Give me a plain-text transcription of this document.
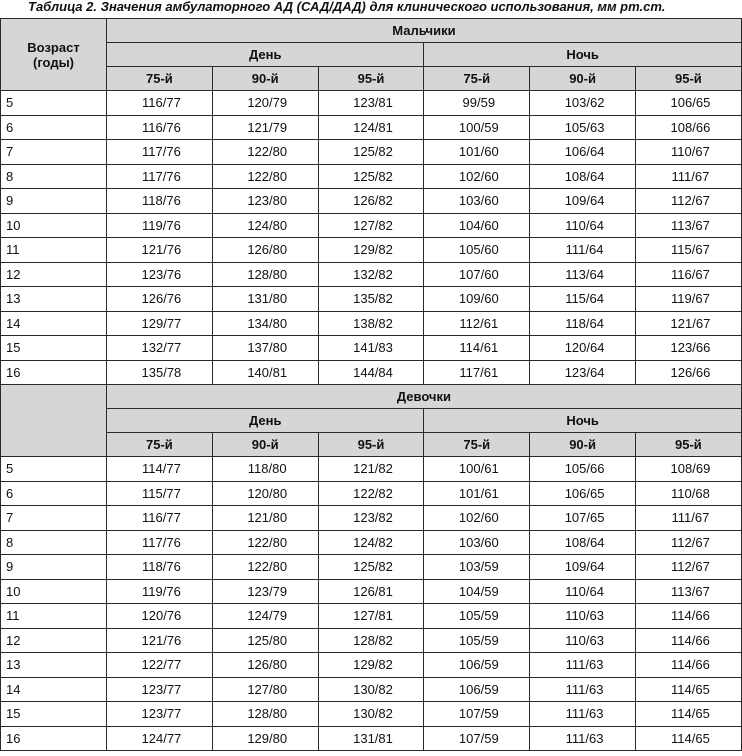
Таблица 2. Значения амбулаторного АД (САД/ДАД) для клинического использования, мм рт.ст.
Возраст
(годы)	Мальчики					
	День			Ночь		
	75-й	90-й	95-й	75-й	90-й	95-й
5	116/77	120/79	123/81	99/59	103/62	106/65
6	116/76	121/79	124/81	100/59	105/63	108/66
7	117/76	122/80	125/82	101/60	106/64	110/67
8	117/76	122/80	125/82	102/60	108/64	111/67
9	118/76	123/80	126/82	103/60	109/64	112/67
10	119/76	124/80	127/82	104/60	110/64	113/67
11	121/76	126/80	129/82	105/60	111/64	115/67
12	123/76	128/80	132/82	107/60	113/64	116/67
13	126/76	131/80	135/82	109/60	115/64	119/67
14	129/77	134/80	138/82	112/61	118/64	121/67
15	132/77	137/80	141/83	114/61	120/64	123/66
16	135/78	140/81	144/84	117/61	123/64	126/66
	Девочки					
	День			Ночь		
	75-й	90-й	95-й	75-й	90-й	95-й
5	114/77	118/80	121/82	100/61	105/66	108/69
6	115/77	120/80	122/82	101/61	106/65	110/68
7	116/77	121/80	123/82	102/60	107/65	111/67
8	117/76	122/80	124/82	103/60	108/64	112/67
9	118/76	122/80	125/82	103/59	109/64	112/67
10	119/76	123/79	126/81	104/59	110/64	113/67
11	120/76	124/79	127/81	105/59	110/63	114/66
12	121/76	125/80	128/82	105/59	110/63	114/66
13	122/77	126/80	129/82	106/59	111/63	114/66
14	123/77	127/80	130/82	106/59	111/63	114/65
15	123/77	128/80	130/82	107/59	111/63	114/65
16	124/77	129/80	131/81	107/59	111/63	114/65
